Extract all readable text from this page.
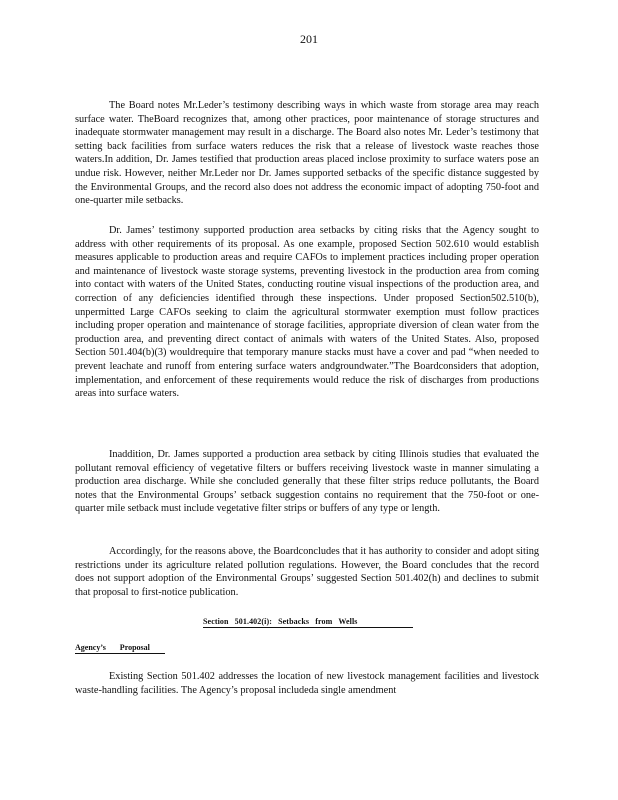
201

The Board notes Mr.Leder’s testimony describing ways in which waste from storage area may reach surface water. TheBoard recognizes that, among other practices, poor maintenance of storage structures and inadequate stormwater management may result in a discharge. The Board also notes Mr. Leder’s testimony that setting back facilities from surface waters reduces the risk that a release of livestock waste reaches those waters.In addition, Dr. James testified that production areas placed inclose proximity to surface waters pose an undue risk. However, neither Mr.Leder nor Dr. James supported setbacks of the specific distance suggested by the Environmental Groups, and the record also does not address the economic impact of adopting 750-foot and one-quarter mile setbacks.

Dr. James’ testimony supported production area setbacks by citing risks that the Agency sought to address with other requirements of its proposal. As one example, proposed Section 502.610 would establish measures applicable to production areas and require CAFOs to implement practices including proper operation and maintenance of livestock waste storage systems, preventing livestock in the production area from coming into contact with waters of the United States, conducting routine visual inspections of the production area, and correction of any deficiencies identified through these inspections. Under proposed Section502.510(b), unpermitted Large CAFOs seeking to claim the agricultural stormwater exemption must follow practices including proper operation and maintenance of storage facilities, appropriate diversion of clean water from the production area, and preventing direct contact of animals with waters of the United States. Also, proposed Section 501.404(b)(3) wouldrequire that temporary manure stacks must have a cover and pad “when needed to prevent leachate and runoff from entering surface waters andgroundwater.”The Boardconsiders that adoption, implementation, and enforcement of these requirements would reduce the risk of discharges from productions areas into surface waters.

Inaddition, Dr. James supported a production area setback by citing Illinois studies that evaluated the pollutant removal efficiency of vegetative filters or buffers receiving livestock waste in manner simulating a production area discharge. While she concluded generally that these filter strips reduce pollutants, the Board notes that the Environmental Groups’ setback suggestion contains no requirement that the 750-foot or one-quarter mile setback must include vegetative filter strips or buffers of any type or length.

Accordingly, for the reasons above, the Boardconcludes that it has authority to consider and adopt siting restrictions under its agriculture related pollution regulations. However, the Board concludes that the record does not support adoption of the Environmental Groups’ suggested Section 501.402(h) and declines to submit that proposal to first-notice publication.

Section 501.402(i): Setbacks from Wells
Agency’s Proposal

Existing Section 501.402 addresses the location of new livestock management facilities and livestock waste-handling facilities. The Agency’s proposal includeda single amendment
